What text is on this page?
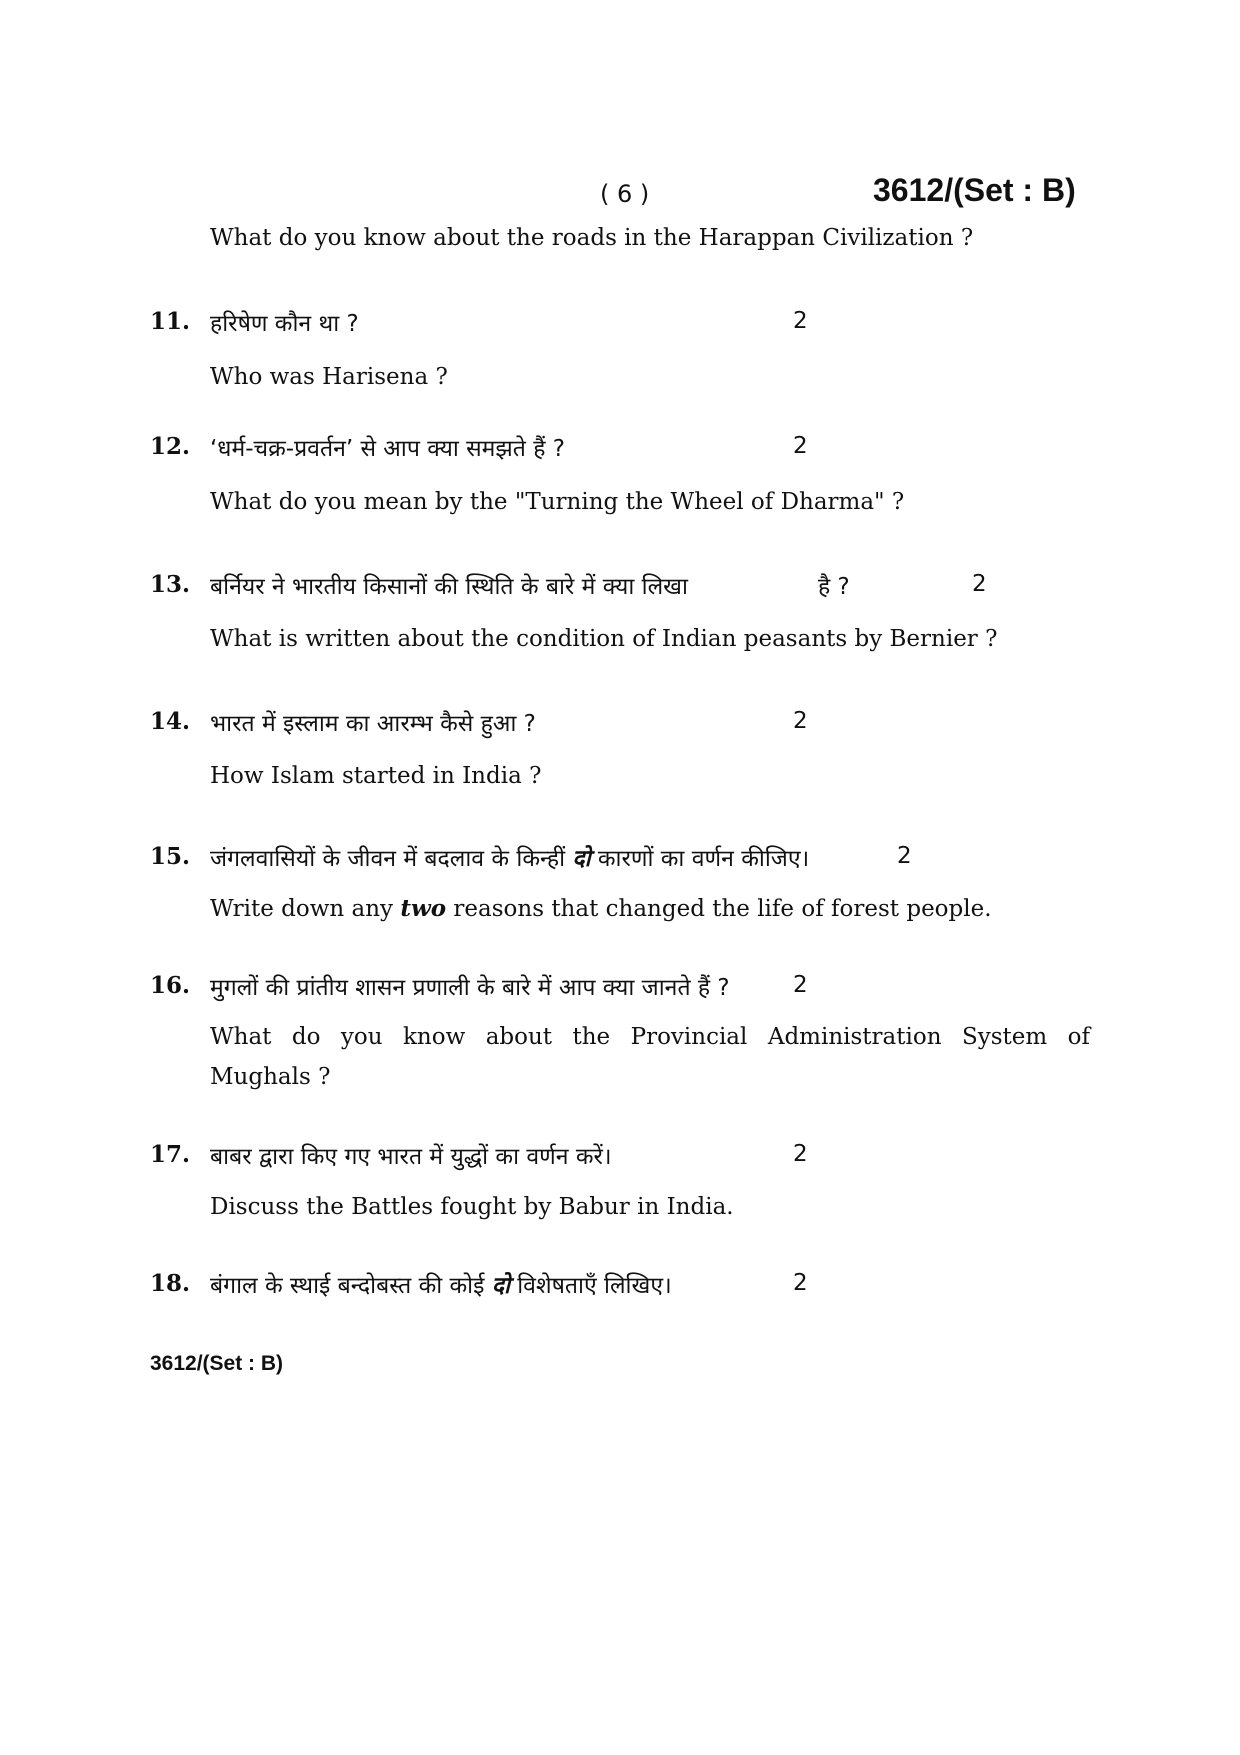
( 6 )	3612/(Set : B)
What do you know about the roads in the Harappan Civilization ?
11. हरिषेण कौन था ?	2
Who was Harisena ?
12. ‘धर्म-चक्र-प्रवर्तन’ से आप क्या समझते हैं ?	2
What do you mean by the "Turning the Wheel of Dharma" ?
13. बर्नियर ने भारतीय किसानों की स्थिति के बारे में क्या लिखा	है ?	2
What is written about the condition of Indian peasants by Bernier ?
14. भारत में इस्लाम का आरम्भ कैसे हुआ ?	2
How Islam started in India ?
15. जंगलवासियों के जीवन में बदलाव के किन्हीं दो कारणों का वर्णन कीजिए।	2
Write down any two reasons that changed the life of forest people.
16. मुगलों की प्रांतीय शासन प्रणाली के बारे में आप क्या जानते हैं ?	2
What do you know about the Provincial Administration System of
Mughals ?
17. बाबर द्वारा किए गए भारत में युद्धों का वर्णन करें।	2
Discuss the Battles fought by Babur in India.
18. बंगाल के स्थाई बन्दोबस्त की कोई दो विशेषताएँ लिखिए।	2
3612/(Set : B)
